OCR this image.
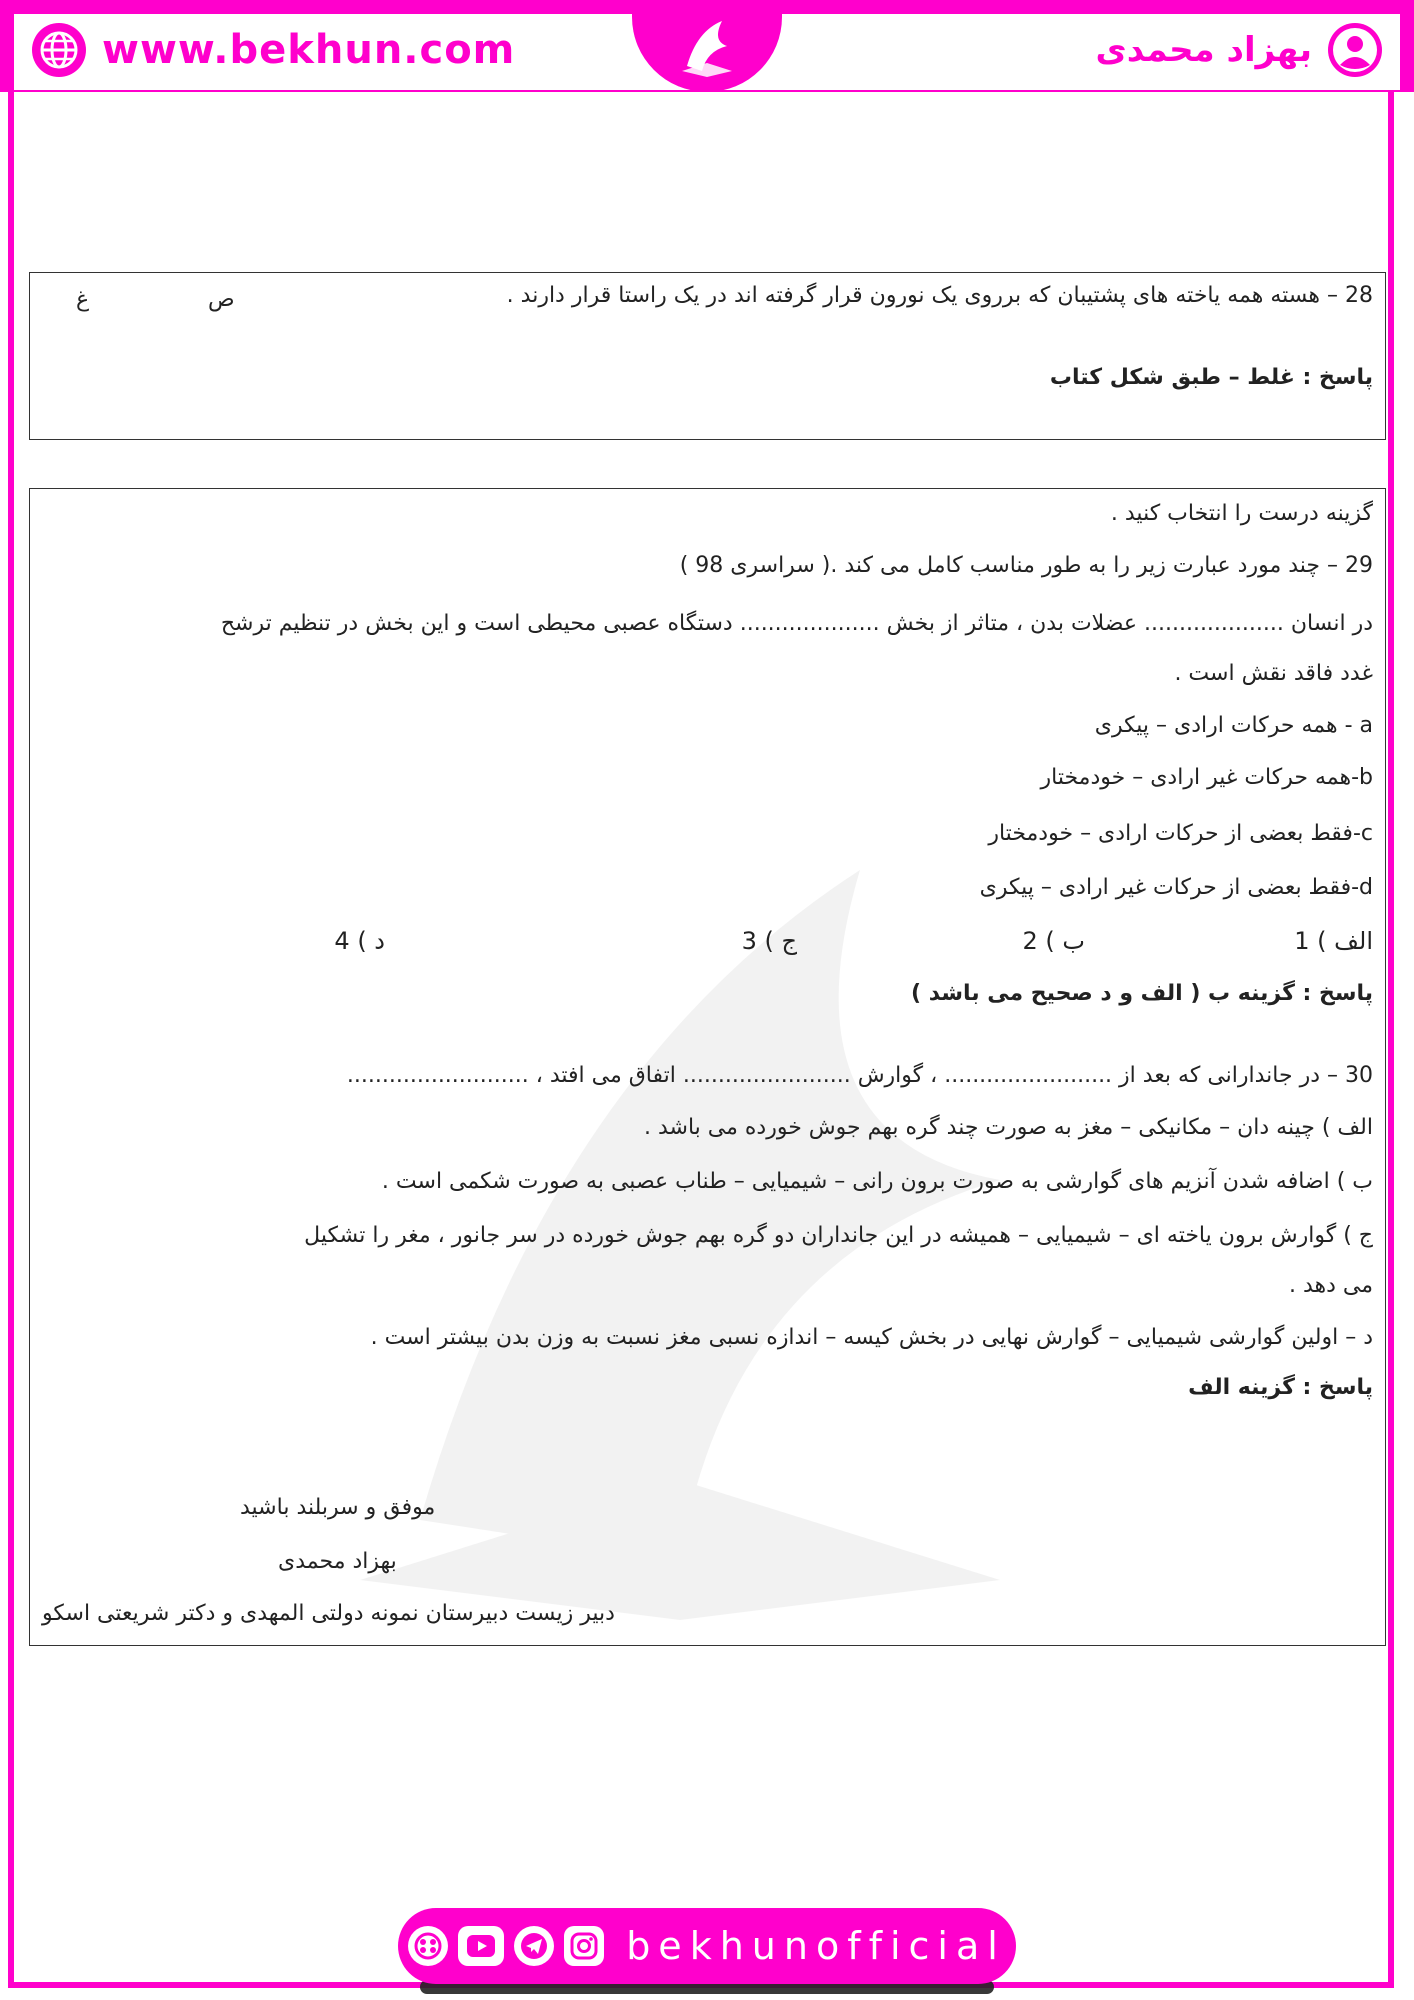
www.bekhun.com	بهزاد محمدی
28 – هسته همه یاخته های پشتیبان که برروی یک نورون قرار گرفته اند در یک راستا قرار دارند .
ص
غ
پاسخ : غلط – طبق شکل کتاب
گزینه درست را انتخاب کنید .
29 – چند مورد عبارت زیر را به طور مناسب کامل می کند .( سراسری 98 )
در انسان .................... عضلات بدن ، متاثر از بخش .................... دستگاه عصبی محیطی است و این بخش در تنظیم ترشح
غدد فاقد نقش است .
a - همه حرکات ارادی – پیکری
b-همه حرکات غیر ارادی – خودمختار
c-فقط بعضی از حرکات ارادی – خودمختار
d-فقط بعضی از حرکات غیر ارادی – پیکری
الف ) 1
ب ) 2
ج ) 3
د ) 4
پاسخ : گزینه ب ( الف و د صحیح می باشد )
30 – در جاندارانی که بعد از ........................ ، گوارش ........................ اتفاق می افتد ، ..........................
الف ) چینه دان – مکانیکی – مغز به صورت چند گره بهم جوش خورده می باشد .
ب ) اضافه شدن آنزیم های گوارشی به صورت برون رانی – شیمیایی – طناب عصبی به صورت شکمی است .
ج ) گوارش برون یاخته ای – شیمیایی – همیشه در این جانداران دو گره بهم جوش خورده در سر جانور ، مغر را تشکیل
می دهد .
د – اولین گوارشی شیمیایی – گوارش نهایی در بخش کیسه – اندازه نسبی مغز نسبت به وزن بدن بیشتر است .
پاسخ : گزینه الف
موفق و سربلند باشید
بهزاد محمدی
دبیر زیست دبیرستان نمونه دولتی المهدی و دکتر شریعتی اسکو
bekhunofficial
